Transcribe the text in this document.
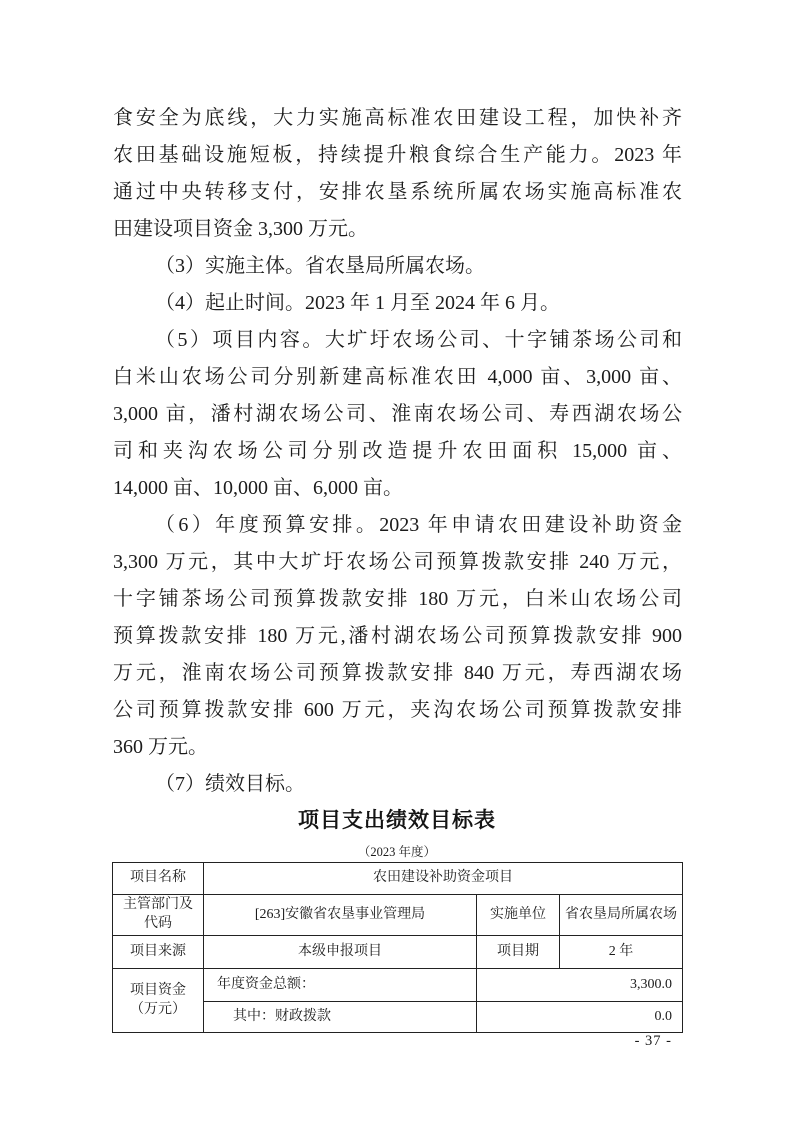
食安全为底线，大力实施高标准农田建设工程，加快补齐
农田基础设施短板，持续提升粮食综合生产能力。2023 年
通过中央转移支付，安排农垦系统所属农场实施高标准农
田建设项目资金 3,300 万元。
（3）实施主体。省农垦局所属农场。
（4）起止时间。2023 年 1 月至 2024 年 6 月。
（5）项目内容。大圹圩农场公司、十字铺茶场公司和
白米山农场公司分别新建高标准农田 4,000 亩、3,000 亩、
3,000 亩，潘村湖农场公司、淮南农场公司、寿西湖农场公
司和夹沟农场公司分别改造提升农田面积 15,000 亩、
14,000 亩、10,000 亩、6,000 亩。
（6）年度预算安排。2023 年申请农田建设补助资金
3,300 万元，其中大圹圩农场公司预算拨款安排 240 万元，
十字铺茶场公司预算拨款安排 180 万元，白米山农场公司
预算拨款安排 180 万元,潘村湖农场公司预算拨款安排 900
万元，淮南农场公司预算拨款安排 840 万元，寿西湖农场
公司预算拨款安排 600 万元，夹沟农场公司预算拨款安排
360 万元。
（7）绩效目标。
项目支出绩效目标表
（2023 年度）
项目名称	农田建设补助资金项目		

主管部门及代码	[263]安徽省农垦事业管理局	实施单位	省农垦局所属农场
项目来源	本级申报项目	项目期	2 年

项目资金（万元）	年度资金总额：	3,300.0	
	其中：财政拨款	0.0	
- 37 -
